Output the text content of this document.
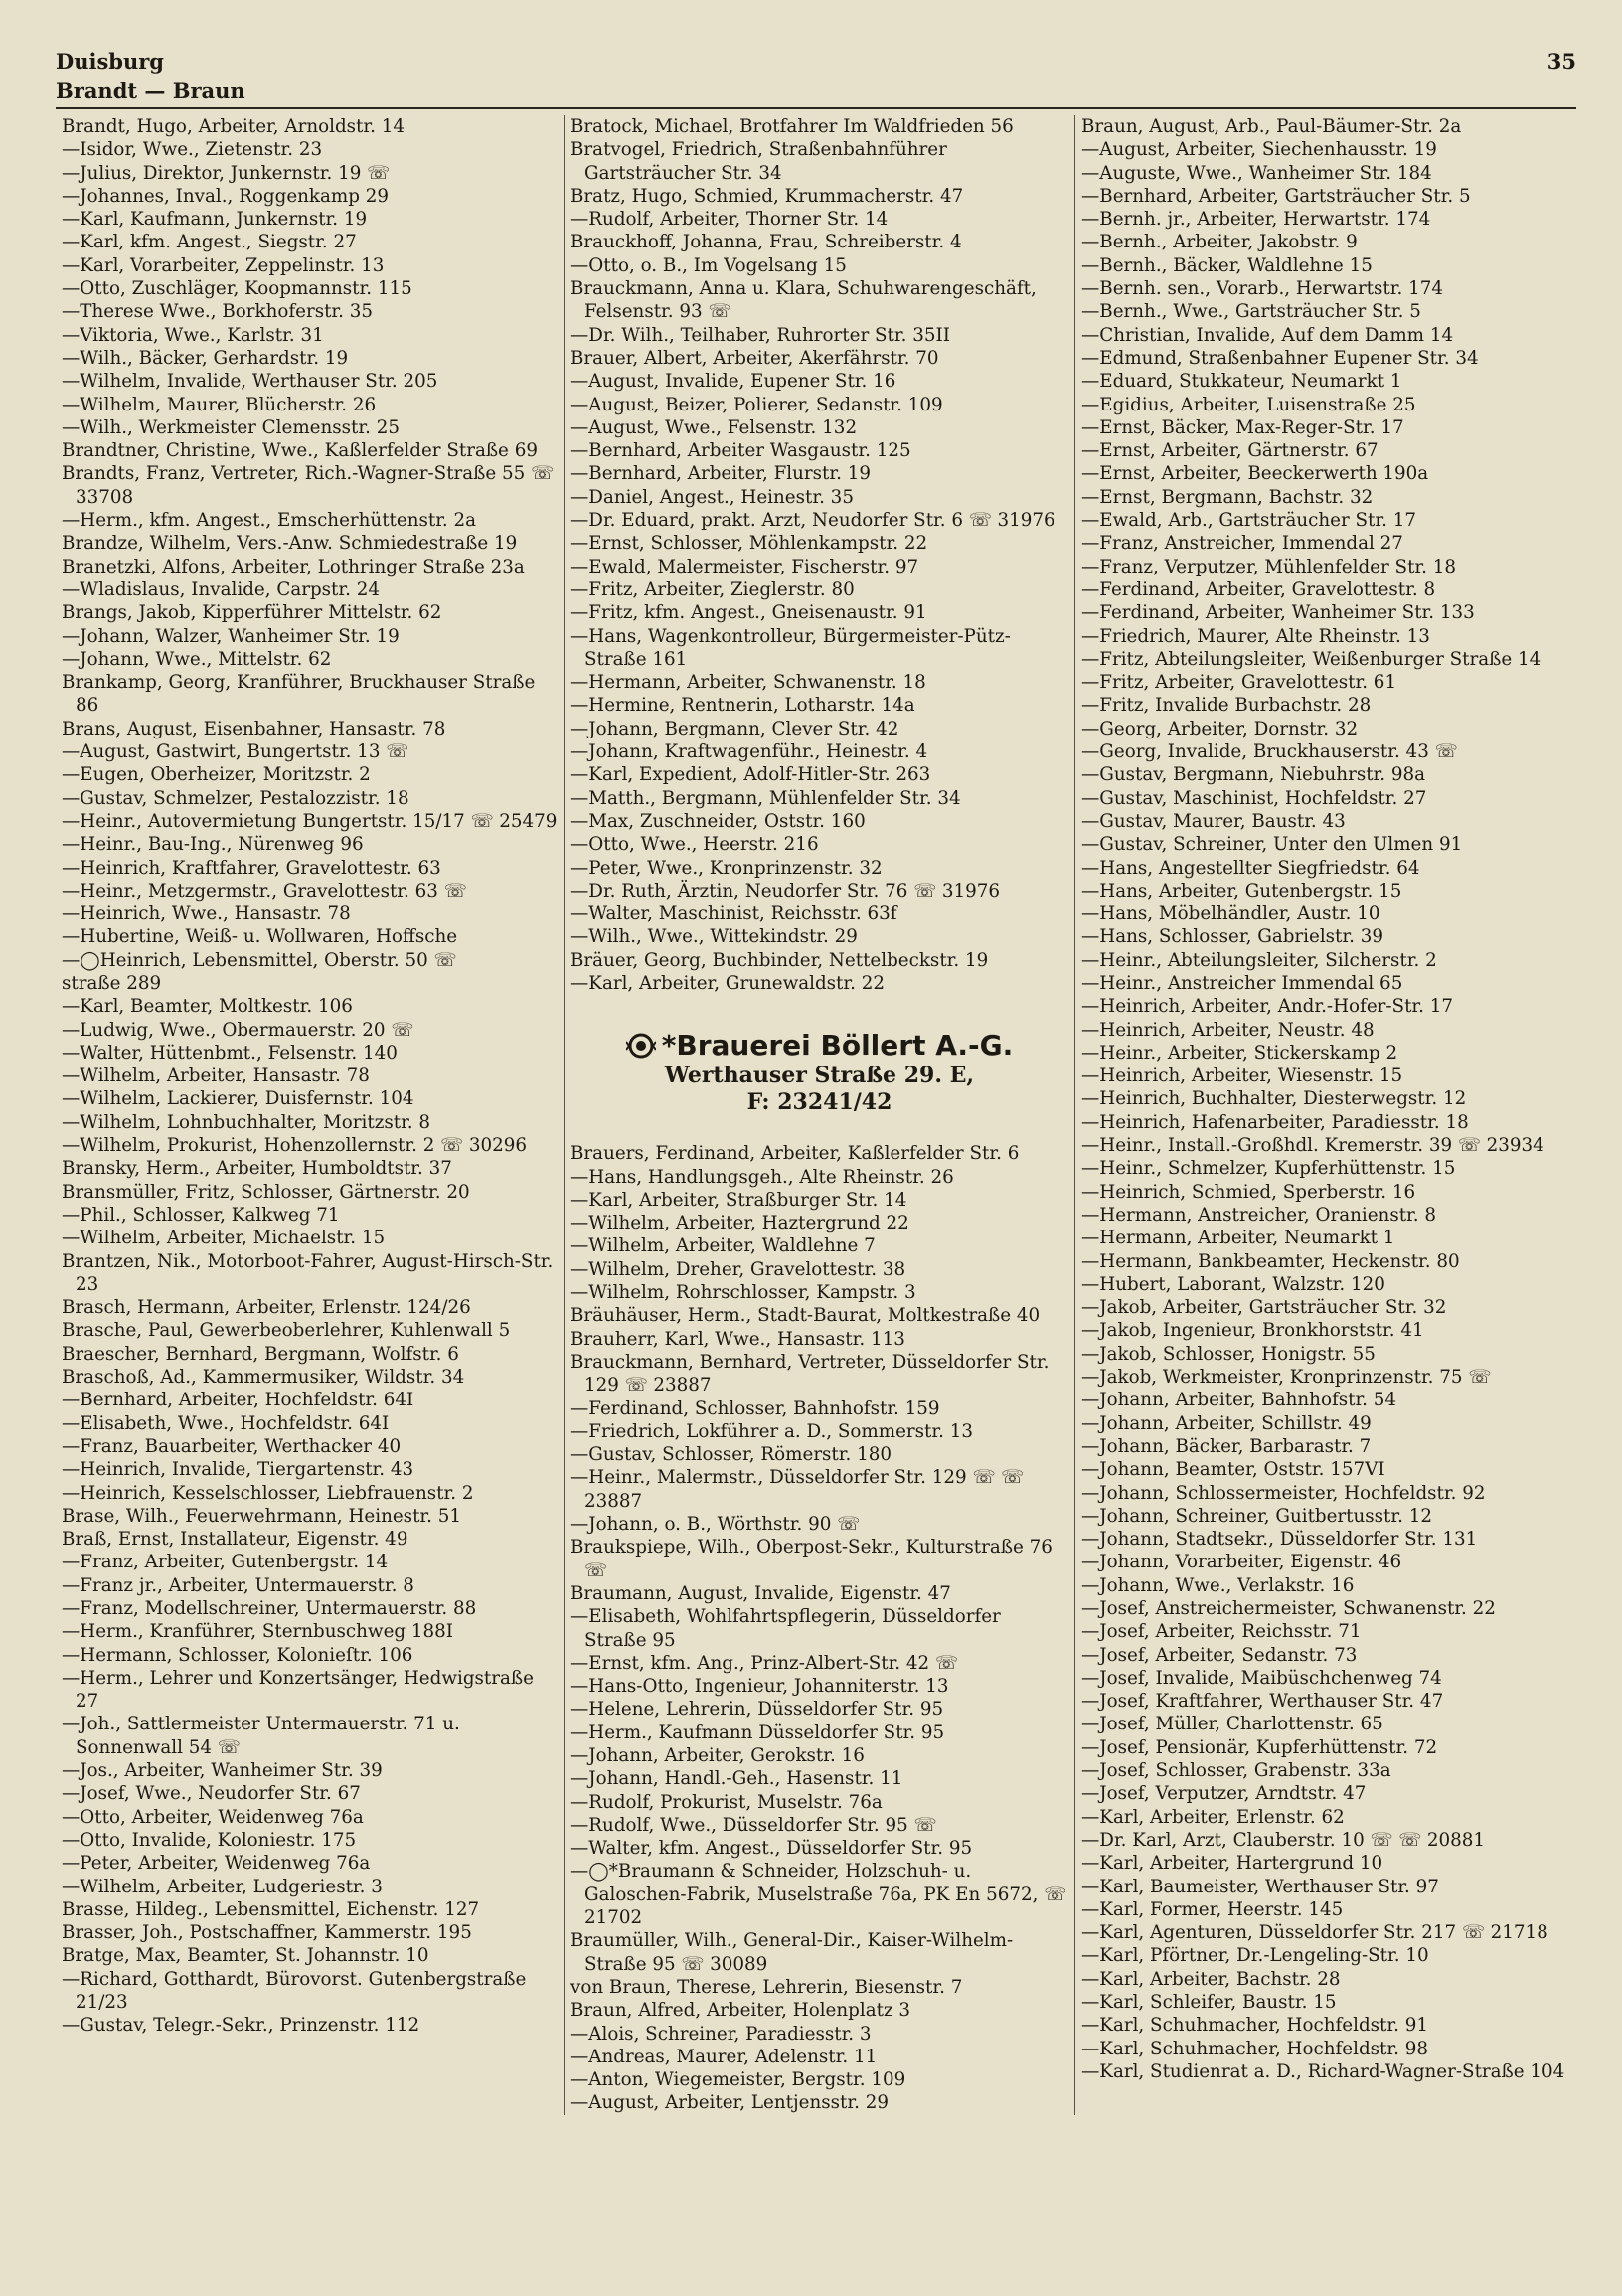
Duisburg	35
Brandt — Braun
Brandt, Hugo, Arbeiter, Arnoldstr. 14
—Isidor, Wwe., Zietenstr. 23
—Julius, Direktor, Junkernstr. 19 ☏
—Johannes, Inval., Roggenkamp 29
—Karl, Kaufmann, Junkernstr. 19
—Karl, kfm. Angest., Siegstr. 27
—Karl, Vorarbeiter, Zeppelinstr. 13
—Otto, Zuschläger, Koopmannstr. 115
—Therese Wwe., Borkhoferstr. 35
—Viktoria, Wwe., Karlstr. 31
—Wilh., Bäcker, Gerhardstr. 19
—Wilhelm, Invalide, Werthauser Str. 205
—Wilhelm, Maurer, Blücherstr. 26
—Wilh., Werkmeister Clemensstr. 25
Brandtner, Christine, Wwe., Kaßlerfelder Straße 69
Brandts, Franz, Vertreter, Rich.-Wagner-Straße 55 ☏ 33708
—Herm., kfm. Angest., Emscherhüttenstr. 2a
Brandze, Wilhelm, Vers.-Anw. Schmiedestraße 19
Branetzki, Alfons, Arbeiter, Lothringer Straße 23a
—Wladislaus, Invalide, Carpstr. 24
Brangs, Jakob, Kipperführer Mittelstr. 62
—Johann, Walzer, Wanheimer Str. 19
—Johann, Wwe., Mittelstr. 62
Brankamp, Georg, Kranführer, Bruckhauser Straße 86
Brans, August, Eisenbahner, Hansastr. 78
—August, Gastwirt, Bungertstr. 13 ☏
—Eugen, Oberheizer, Moritzstr. 2
—Gustav, Schmelzer, Pestalozzistr. 18
—Heinr., Autovermietung Bungertstr. 15/17 ☏ 25479
—Heinr., Bau-Ing., Nürenweg 96
—Heinrich, Kraftfahrer, Gravelottestr. 63
—Heinr., Metzgermstr., Gravelottestr. 63 ☏
—Heinrich, Wwe., Hansastr. 78
—Hubertine, Weiß- u. Wollwaren, Hoffsche
—◯Heinrich, Lebensmittel, Oberstr. 50 ☏
straße 289
—Karl, Beamter, Moltkestr. 106
—Ludwig, Wwe., Obermauerstr. 20 ☏
—Walter, Hüttenbmt., Felsenstr. 140
—Wilhelm, Arbeiter, Hansastr. 78
—Wilhelm, Lackierer, Duisfernstr. 104
—Wilhelm, Lohnbuchhalter, Moritzstr. 8
—Wilhelm, Prokurist, Hohenzollernstr. 2 ☏ 30296
Bransky, Herm., Arbeiter, Humboldtstr. 37
Bransmüller, Fritz, Schlosser, Gärtnerstr. 20
—Phil., Schlosser, Kalkweg 71
—Wilhelm, Arbeiter, Michaelstr. 15
Brantzen, Nik., Motorboot-Fahrer, August-Hirsch-Str. 23
Brasch, Hermann, Arbeiter, Erlenstr. 124/26
Brasche, Paul, Gewerbeoberlehrer, Kuhlenwall 5
Braescher, Bernhard, Bergmann, Wolfstr. 6
Braschoß, Ad., Kammermusiker, Wildstr. 34
—Bernhard, Arbeiter, Hochfeldstr. 64I
—Elisabeth, Wwe., Hochfeldstr. 64I
—Franz, Bauarbeiter, Werthacker 40
—Heinrich, Invalide, Tiergartenstr. 43
—Heinrich, Kesselschlosser, Liebfrauenstr. 2
Brase, Wilh., Feuerwehrmann, Heinestr. 51
Braß, Ernst, Installateur, Eigenstr. 49
—Franz, Arbeiter, Gutenbergstr. 14
—Franz jr., Arbeiter, Untermauerstr. 8
—Franz, Modellschreiner, Untermauerstr. 88
—Herm., Kranführer, Sternbuschweg 188I
—Hermann, Schlosser, Kolonieſtr. 106
—Herm., Lehrer und Konzertsänger, Hedwigstraße 27
—Joh., Sattlermeister Untermauerstr. 71 u. Sonnenwall 54 ☏
—Jos., Arbeiter, Wanheimer Str. 39
—Josef, Wwe., Neudorfer Str. 67
—Otto, Arbeiter, Weidenweg 76a
—Otto, Invalide, Koloniestr. 175
—Peter, Arbeiter, Weidenweg 76a
—Wilhelm, Arbeiter, Ludgeriestr. 3
Brasse, Hildeg., Lebensmittel, Eichenstr. 127
Brasser, Joh., Postschaffner, Kammerstr. 195
Bratge, Max, Beamter, St. Johannstr. 10
—Richard, Gotthardt, Bürovorst. Gutenbergstraße 21/23
—Gustav, Telegr.-Sekr., Prinzenstr. 112
Bratock, Michael, Brotfahrer Im Waldfrieden 56
Bratvogel, Friedrich, Straßenbahnführer Gartsträucher Str. 34
Bratz, Hugo, Schmied, Krummacherstr. 47
—Rudolf, Arbeiter, Thorner Str. 14
Brauckhoff, Johanna, Frau, Schreiberstr. 4
—Otto, o. B., Im Vogelsang 15
Brauckmann, Anna u. Klara, Schuhwarengeschäft, Felsenstr. 93 ☏
—Dr. Wilh., Teilhaber, Ruhrorter Str. 35II
Brauer, Albert, Arbeiter, Akerfährstr. 70
—August, Invalide, Eupener Str. 16
—August, Beizer, Polierer, Sedanstr. 109
—August, Wwe., Felsenstr. 132
—Bernhard, Arbeiter Wasgaustr. 125
—Bernhard, Arbeiter, Flurstr. 19
—Daniel, Angest., Heinestr. 35
—Dr. Eduard, prakt. Arzt, Neudorfer Str. 6 ☏ 31976
—Ernst, Schlosser, Möhlenkampstr. 22
—Ewald, Malermeister, Fischerstr. 97
—Fritz, Arbeiter, Zieglerstr. 80
—Fritz, kfm. Angest., Gneisenaustr. 91
—Hans, Wagenkontrolleur, Bürgermeister-Pütz-Straße 161
—Hermann, Arbeiter, Schwanenstr. 18
—Hermine, Rentnerin, Lotharstr. 14a
—Johann, Bergmann, Clever Str. 42
—Johann, Kraftwagenführ., Heinestr. 4
—Karl, Expedient, Adolf-Hitler-Str. 263
—Matth., Bergmann, Mühlenfelder Str. 34
—Max, Zuschneider, Oststr. 160
—Otto, Wwe., Heerstr. 216
—Peter, Wwe., Kronprinzenstr. 32
—Dr. Ruth, Ärztin, Neudorfer Str. 76 ☏ 31976
—Walter, Maschinist, Reichsstr. 63f
—Wilh., Wwe., Wittekindstr. 29
Bräuer, Georg, Buchbinder, Nettelbeckstr. 19
—Karl, Arbeiter, Grunewaldstr. 22
*Brauerei Böllert A.-G.
Werthauser Straße 29. E,
F: 23241/42
Brauers, Ferdinand, Arbeiter, Kaßlerfelder Str. 6
—Hans, Handlungsgeh., Alte Rheinstr. 26
—Karl, Arbeiter, Straßburger Str. 14
—Wilhelm, Arbeiter, Haztergrund 22
—Wilhelm, Arbeiter, Waldlehne 7
—Wilhelm, Dreher, Gravelottestr. 38
—Wilhelm, Rohrschlosser, Kampstr. 3
Bräuhäuser, Herm., Stadt-Baurat, Moltkestraße 40
Brauherr, Karl, Wwe., Hansastr. 113
Brauckmann, Bernhard, Vertreter, Düsseldorfer Str. 129 ☏ 23887
—Ferdinand, Schlosser, Bahnhofstr. 159
—Friedrich, Lokführer a. D., Sommerstr. 13
—Gustav, Schlosser, Römerstr. 180
—Heinr., Malermstr., Düsseldorfer Str. 129 ☏ ☏ 23887
—Johann, o. B., Wörthstr. 90 ☏
Braukspiepe, Wilh., Oberpost-Sekr., Kulturstraße 76 ☏
Braumann, August, Invalide, Eigenstr. 47
—Elisabeth, Wohlfahrtspflegerin, Düsseldorfer Straße 95
—Ernst, kfm. Ang., Prinz-Albert-Str. 42 ☏
—Hans-Otto, Ingenieur, Johanniterstr. 13
—Helene, Lehrerin, Düsseldorfer Str. 95
—Herm., Kaufmann Düsseldorfer Str. 95
—Johann, Arbeiter, Gerokstr. 16
—Johann, Handl.-Geh., Hasenstr. 11
—Rudolf, Prokurist, Muselstr. 76a
—Rudolf, Wwe., Düsseldorfer Str. 95 ☏
—Walter, kfm. Angest., Düsseldorfer Str. 95
—◯*Braumann & Schneider, Holzschuh- u. Galoschen-Fabrik, Muselstraße 76a, PK En 5672, ☏ 21702
Braumüller, Wilh., General-Dir., Kaiser-Wilhelm-Straße 95 ☏ 30089
von Braun, Therese, Lehrerin, Biesenstr. 7
Braun, Alfred, Arbeiter, Holenplatz 3
—Alois, Schreiner, Paradiesstr. 3
—Andreas, Maurer, Adelenstr. 11
—Anton, Wiegemeister, Bergstr. 109
—August, Arbeiter, Lentjensstr. 29
Braun, August, Arb., Paul-Bäumer-Str. 2a
—August, Arbeiter, Siechenhausstr. 19
—Auguste, Wwe., Wanheimer Str. 184
—Bernhard, Arbeiter, Gartsträucher Str. 5
—Bernh. jr., Arbeiter, Herwartstr. 174
—Bernh., Arbeiter, Jakobstr. 9
—Bernh., Bäcker, Waldlehne 15
—Bernh. sen., Vorarb., Herwartstr. 174
—Bernh., Wwe., Gartsträucher Str. 5
—Christian, Invalide, Auf dem Damm 14
—Edmund, Straßenbahner Eupener Str. 34
—Eduard, Stukkateur, Neumarkt 1
—Egidius, Arbeiter, Luisenstraße 25
—Ernst, Bäcker, Max-Reger-Str. 17
—Ernst, Arbeiter, Gärtnerstr. 67
—Ernst, Arbeiter, Beeckerwerth 190a
—Ernst, Bergmann, Bachstr. 32
—Ewald, Arb., Gartsträucher Str. 17
—Franz, Anstreicher, Immendal 27
—Franz, Verputzer, Mühlenfelder Str. 18
—Ferdinand, Arbeiter, Gravelottestr. 8
—Ferdinand, Arbeiter, Wanheimer Str. 133
—Friedrich, Maurer, Alte Rheinstr. 13
—Fritz, Abteilungsleiter, Weißenburger Straße 14
—Fritz, Arbeiter, Gravelottestr. 61
—Fritz, Invalide Burbachstr. 28
—Georg, Arbeiter, Dornstr. 32
—Georg, Invalide, Bruckhauserstr. 43 ☏
—Gustav, Bergmann, Niebuhrstr. 98a
—Gustav, Maschinist, Hochfeldstr. 27
—Gustav, Maurer, Baustr. 43
—Gustav, Schreiner, Unter den Ulmen 91
—Hans, Angestellter Siegfriedstr. 64
—Hans, Arbeiter, Gutenbergstr. 15
—Hans, Möbelhändler, Austr. 10
—Hans, Schlosser, Gabrielstr. 39
—Heinr., Abteilungsleiter, Silcherstr. 2
—Heinr., Anstreicher Immendal 65
—Heinrich, Arbeiter, Andr.-Hofer-Str. 17
—Heinrich, Arbeiter, Neustr. 48
—Heinr., Arbeiter, Stickerskamp 2
—Heinrich, Arbeiter, Wiesenstr. 15
—Heinrich, Buchhalter, Diesterwegstr. 12
—Heinrich, Hafenarbeiter, Paradiesstr. 18
—Heinr., Install.-Großhdl. Kremerstr. 39 ☏ 23934
—Heinr., Schmelzer, Kupferhüttenstr. 15
—Heinrich, Schmied, Sperberstr. 16
—Hermann, Anstreicher, Oranienstr. 8
—Hermann, Arbeiter, Neumarkt 1
—Hermann, Bankbeamter, Heckenstr. 80
—Hubert, Laborant, Walzstr. 120
—Jakob, Arbeiter, Gartsträucher Str. 32
—Jakob, Ingenieur, Bronkhorststr. 41
—Jakob, Schlosser, Honigstr. 55
—Jakob, Werkmeister, Kronprinzenstr. 75 ☏
—Johann, Arbeiter, Bahnhofstr. 54
—Johann, Arbeiter, Schillstr. 49
—Johann, Bäcker, Barbarastr. 7
—Johann, Beamter, Oststr. 157VI
—Johann, Schlossermeister, Hochfeldstr. 92
—Johann, Schreiner, Guitbertusstr. 12
—Johann, Stadtsekr., Düsseldorfer Str. 131
—Johann, Vorarbeiter, Eigenstr. 46
—Johann, Wwe., Verlakstr. 16
—Josef, Anstreichermeister, Schwanenstr. 22
—Josef, Arbeiter, Reichsstr. 71
—Josef, Arbeiter, Sedanstr. 73
—Josef, Invalide, Maibüschchenweg 74
—Josef, Kraftfahrer, Werthauser Str. 47
—Josef, Müller, Charlottenstr. 65
—Josef, Pensionär, Kupferhüttenstr. 72
—Josef, Schlosser, Grabenstr. 33a
—Josef, Verputzer, Arndtstr. 47
—Karl, Arbeiter, Erlenstr. 62
—Dr. Karl, Arzt, Clauberstr. 10 ☏ ☏ 20881
—Karl, Arbeiter, Hartergrund 10
—Karl, Baumeister, Werthauser Str. 97
—Karl, Former, Heerstr. 145
—Karl, Agenturen, Düsseldorfer Str. 217 ☏ 21718
—Karl, Pförtner, Dr.-Lengeling-Str. 10
—Karl, Arbeiter, Bachstr. 28
—Karl, Schleifer, Baustr. 15
—Karl, Schuhmacher, Hochfeldstr. 91
—Karl, Schuhmacher, Hochfeldstr. 98
—Karl, Studienrat a. D., Richard-Wagner-Straße 104
